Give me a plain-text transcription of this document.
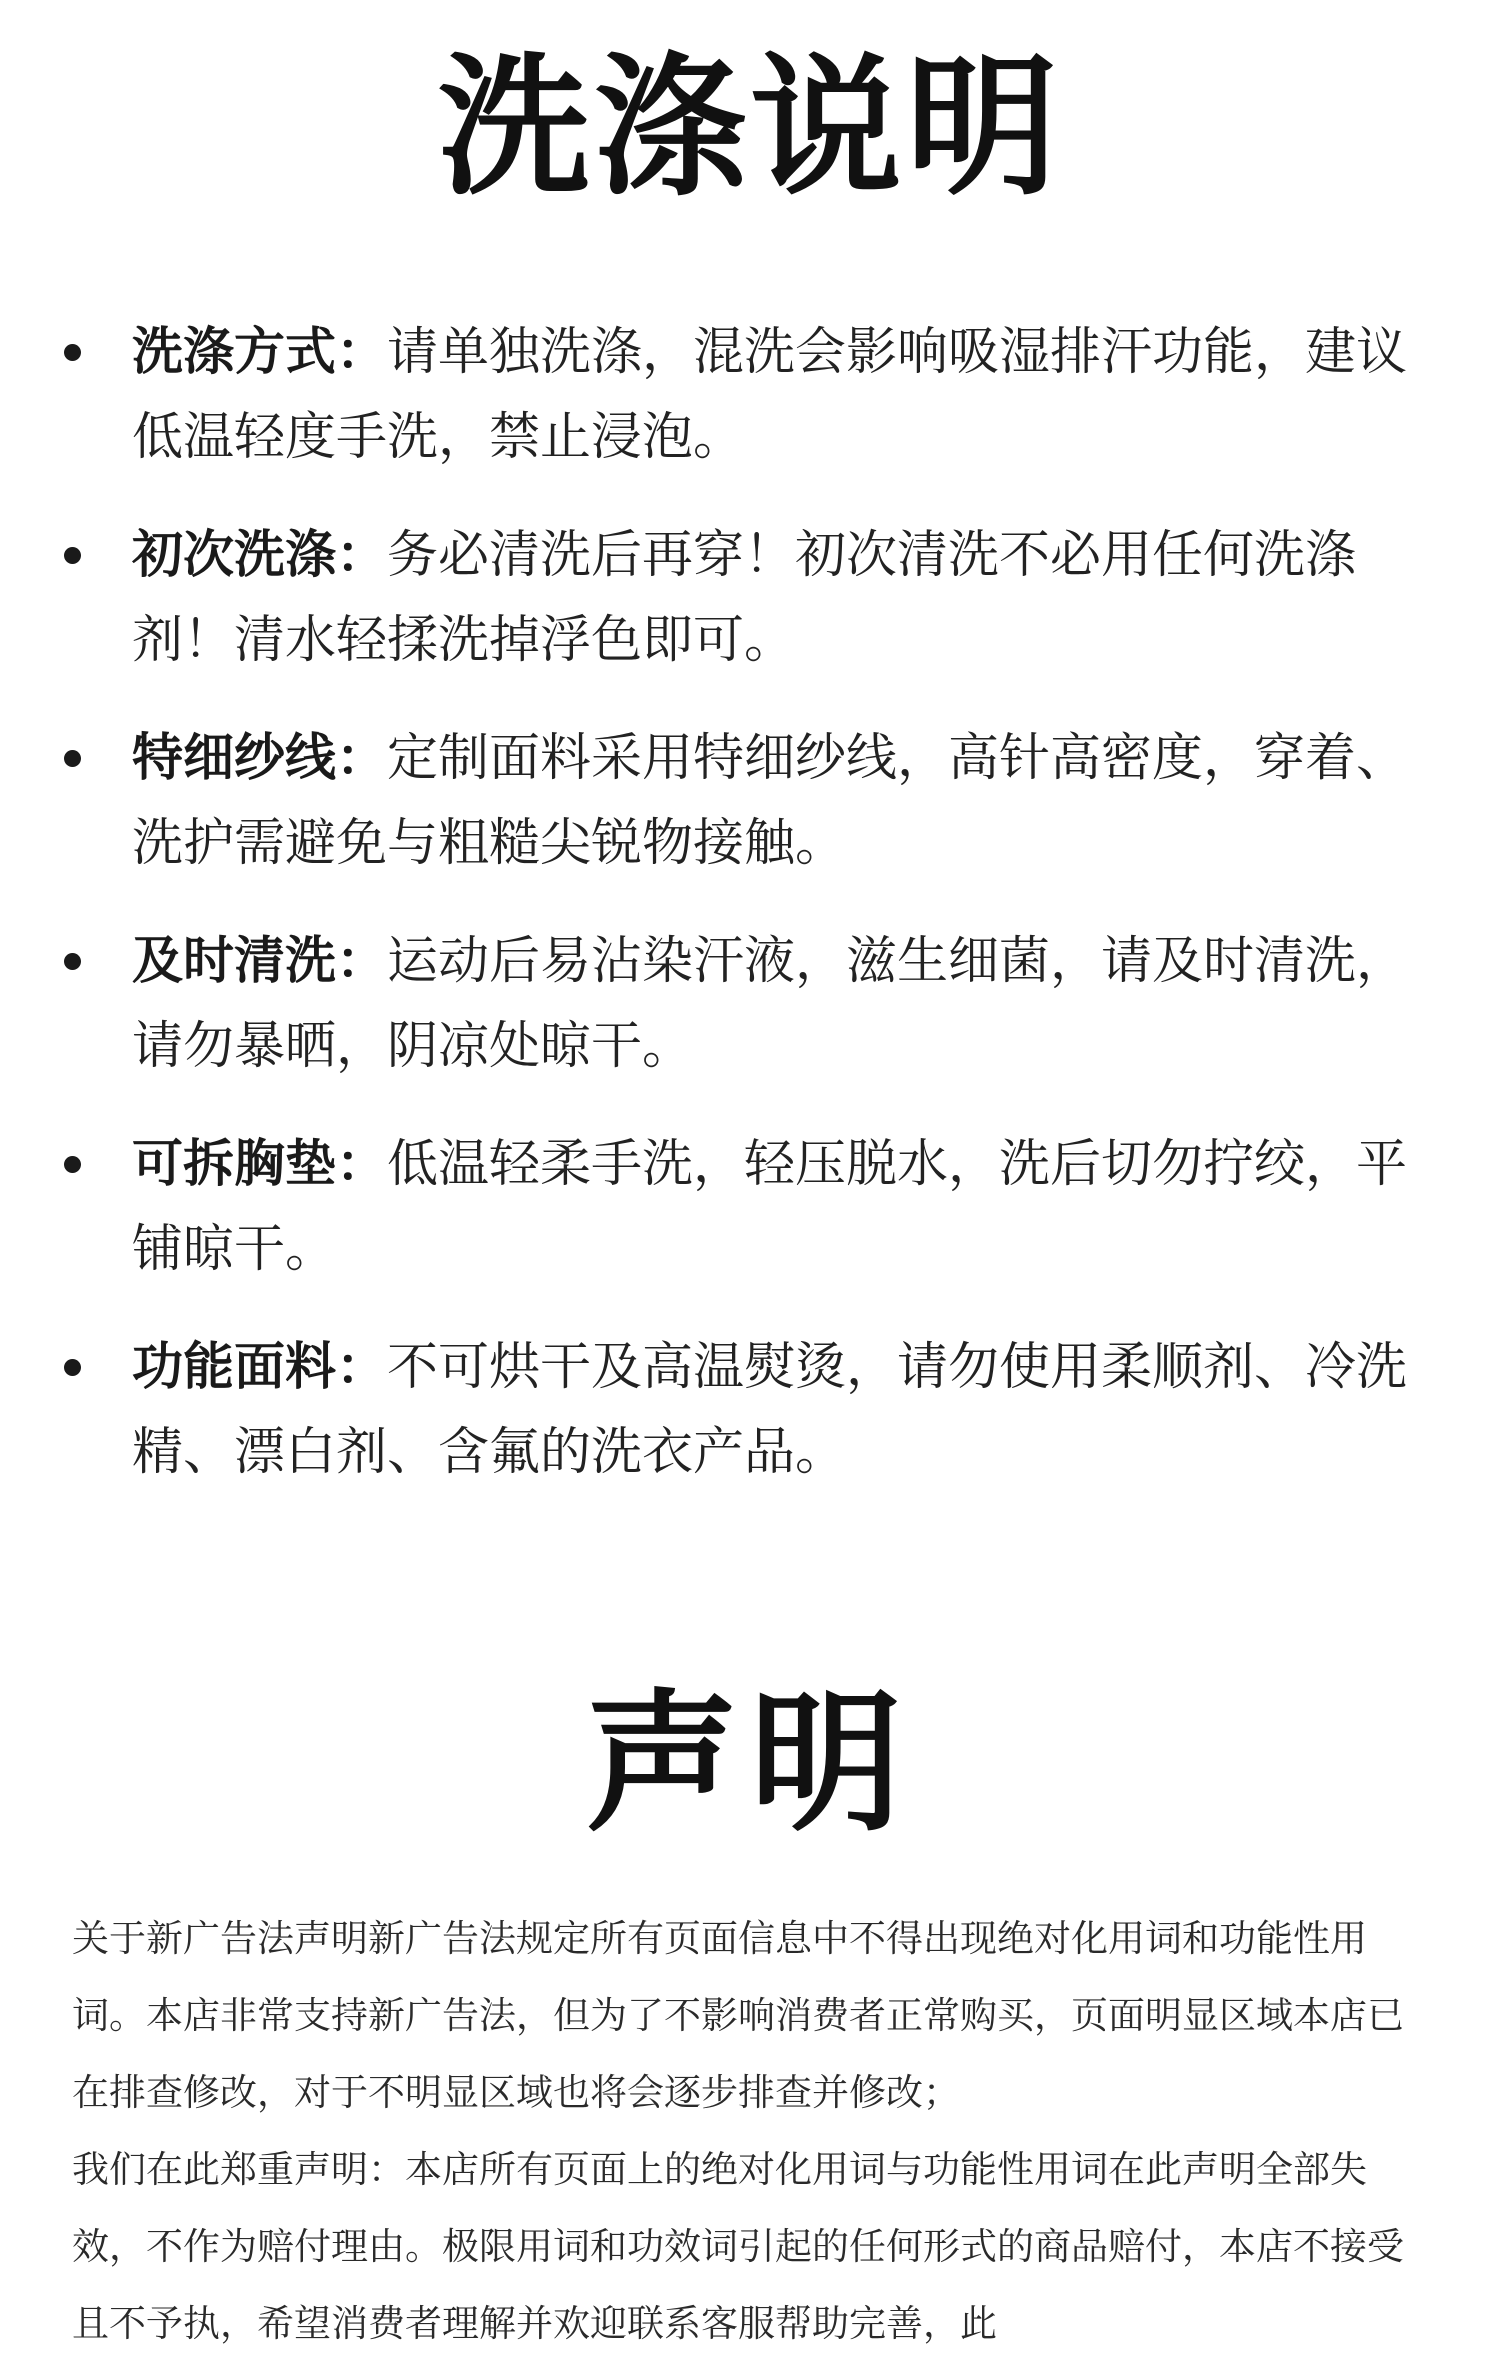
洗涤说明
洗涤方式：请单独洗涤，混洗会影响吸湿排汗功能，建议低温轻度手洗，禁止浸泡。
初次洗涤：务必清洗后再穿！初次清洗不必用任何洗涤剂！清水轻揉洗掉浮色即可。
特细纱线：定制面料采用特细纱线，高针高密度，穿着、洗护需避免与粗糙尖锐物接触。
及时清洗：运动后易沾染汗液，滋生细菌，请及时清洗，请勿暴晒，阴凉处晾干。
可拆胸垫：低温轻柔手洗，轻压脱水，洗后切勿拧绞，平铺晾干。
功能面料：不可烘干及高温熨烫，请勿使用柔顺剂、冷洗精、漂白剂、含氟的洗衣产品。
声明

关于新广告法声明新广告法规定所有页面信息中不得出现绝对化用词和功能性用词。本店非常支持新广告法，但为了不影响消费者正常购买，页面明显区域本店已在排查修改，对于不明显区域也将会逐步排查并修改；

我们在此郑重声明：本店所有页面上的绝对化用词与功能性用词在此声明全部失效，不作为赔付理由。极限用词和功效词引起的任何形式的商品赔付，本店不接受且不予执，希望消费者理解并欢迎联系客服帮助完善，此
